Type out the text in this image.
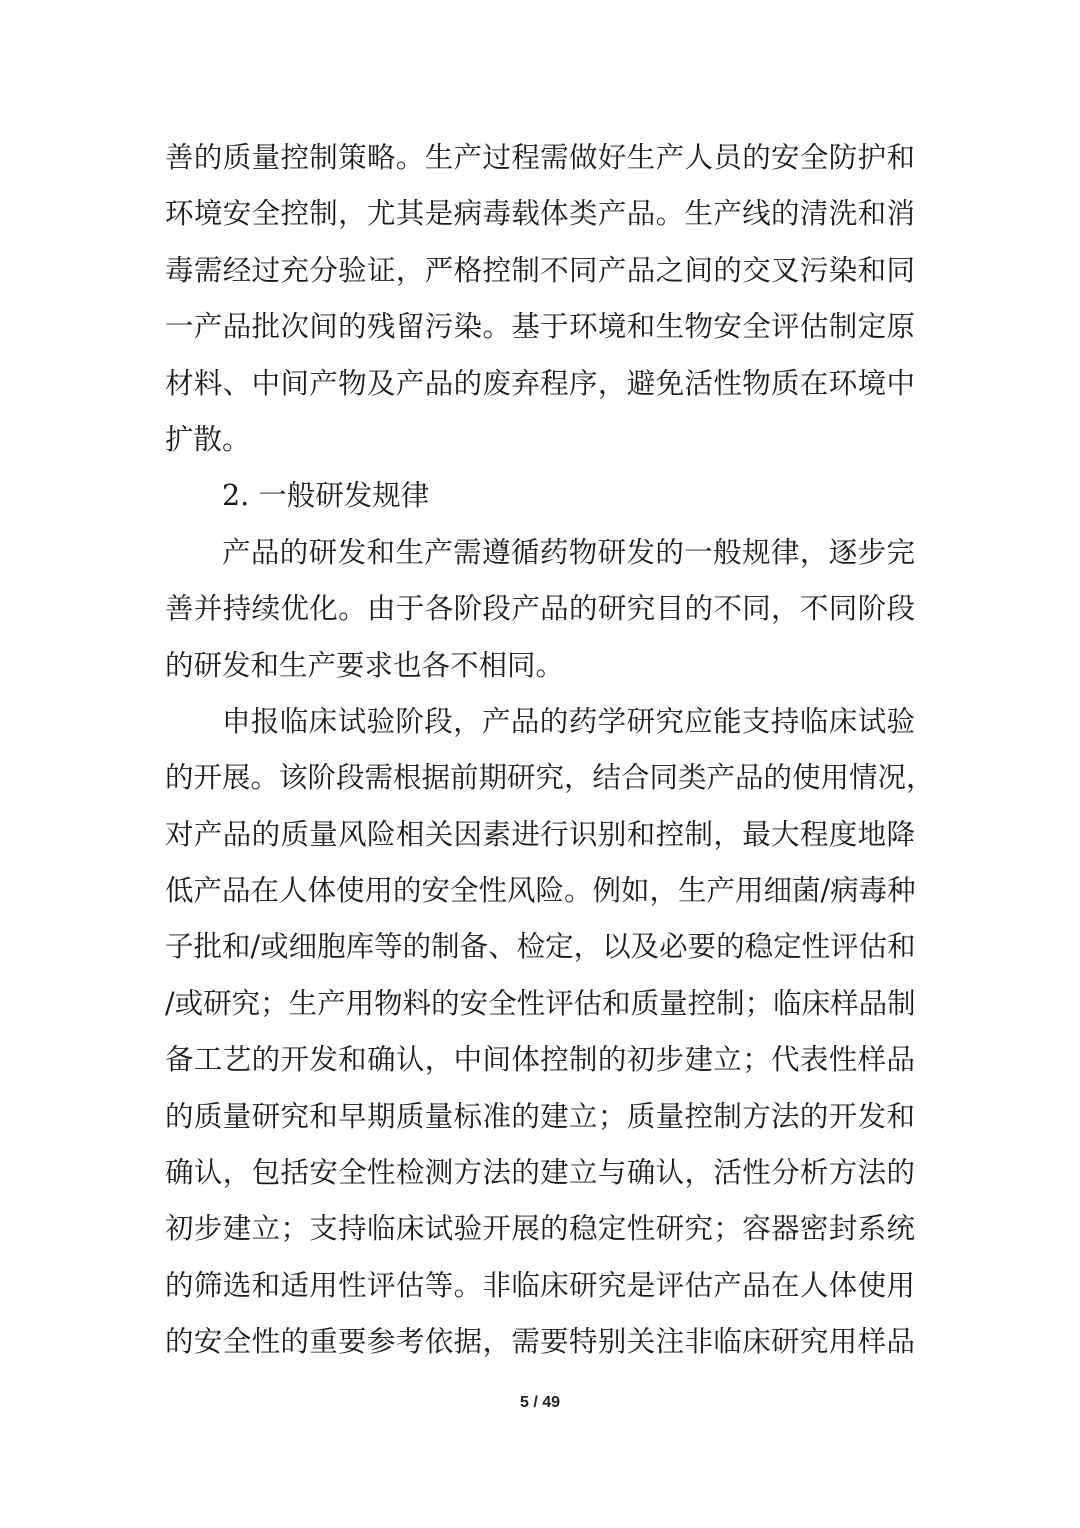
善的质量控制策略。生产过程需做好生产人员的安全防护和
环境安全控制，尤其是病毒载体类产品。生产线的清洗和消
毒需经过充分验证，严格控制不同产品之间的交叉污染和同
一产品批次间的残留污染。基于环境和生物安全评估制定原
材料、中间产物及产品的废弃程序，避免活性物质在环境中
扩散。
2. 一般研发规律
产品的研发和生产需遵循药物研发的一般规律，逐步完
善并持续优化。由于各阶段产品的研究目的不同，不同阶段
的研发和生产要求也各不相同。
申报临床试验阶段，产品的药学研究应能支持临床试验
的开展。该阶段需根据前期研究，结合同类产品的使用情况，
对产品的质量风险相关因素进行识别和控制，最大程度地降
低产品在人体使用的安全性风险。例如，生产用细菌/病毒种
子批和/或细胞库等的制备、检定，以及必要的稳定性评估和
/或研究；生产用物料的安全性评估和质量控制；临床样品制
备工艺的开发和确认，中间体控制的初步建立；代表性样品
的质量研究和早期质量标准的建立；质量控制方法的开发和
确认，包括安全性检测方法的建立与确认，活性分析方法的
初步建立；支持临床试验开展的稳定性研究；容器密封系统
的筛选和适用性评估等。非临床研究是评估产品在人体使用
的安全性的重要参考依据，需要特别关注非临床研究用样品
5 / 49
